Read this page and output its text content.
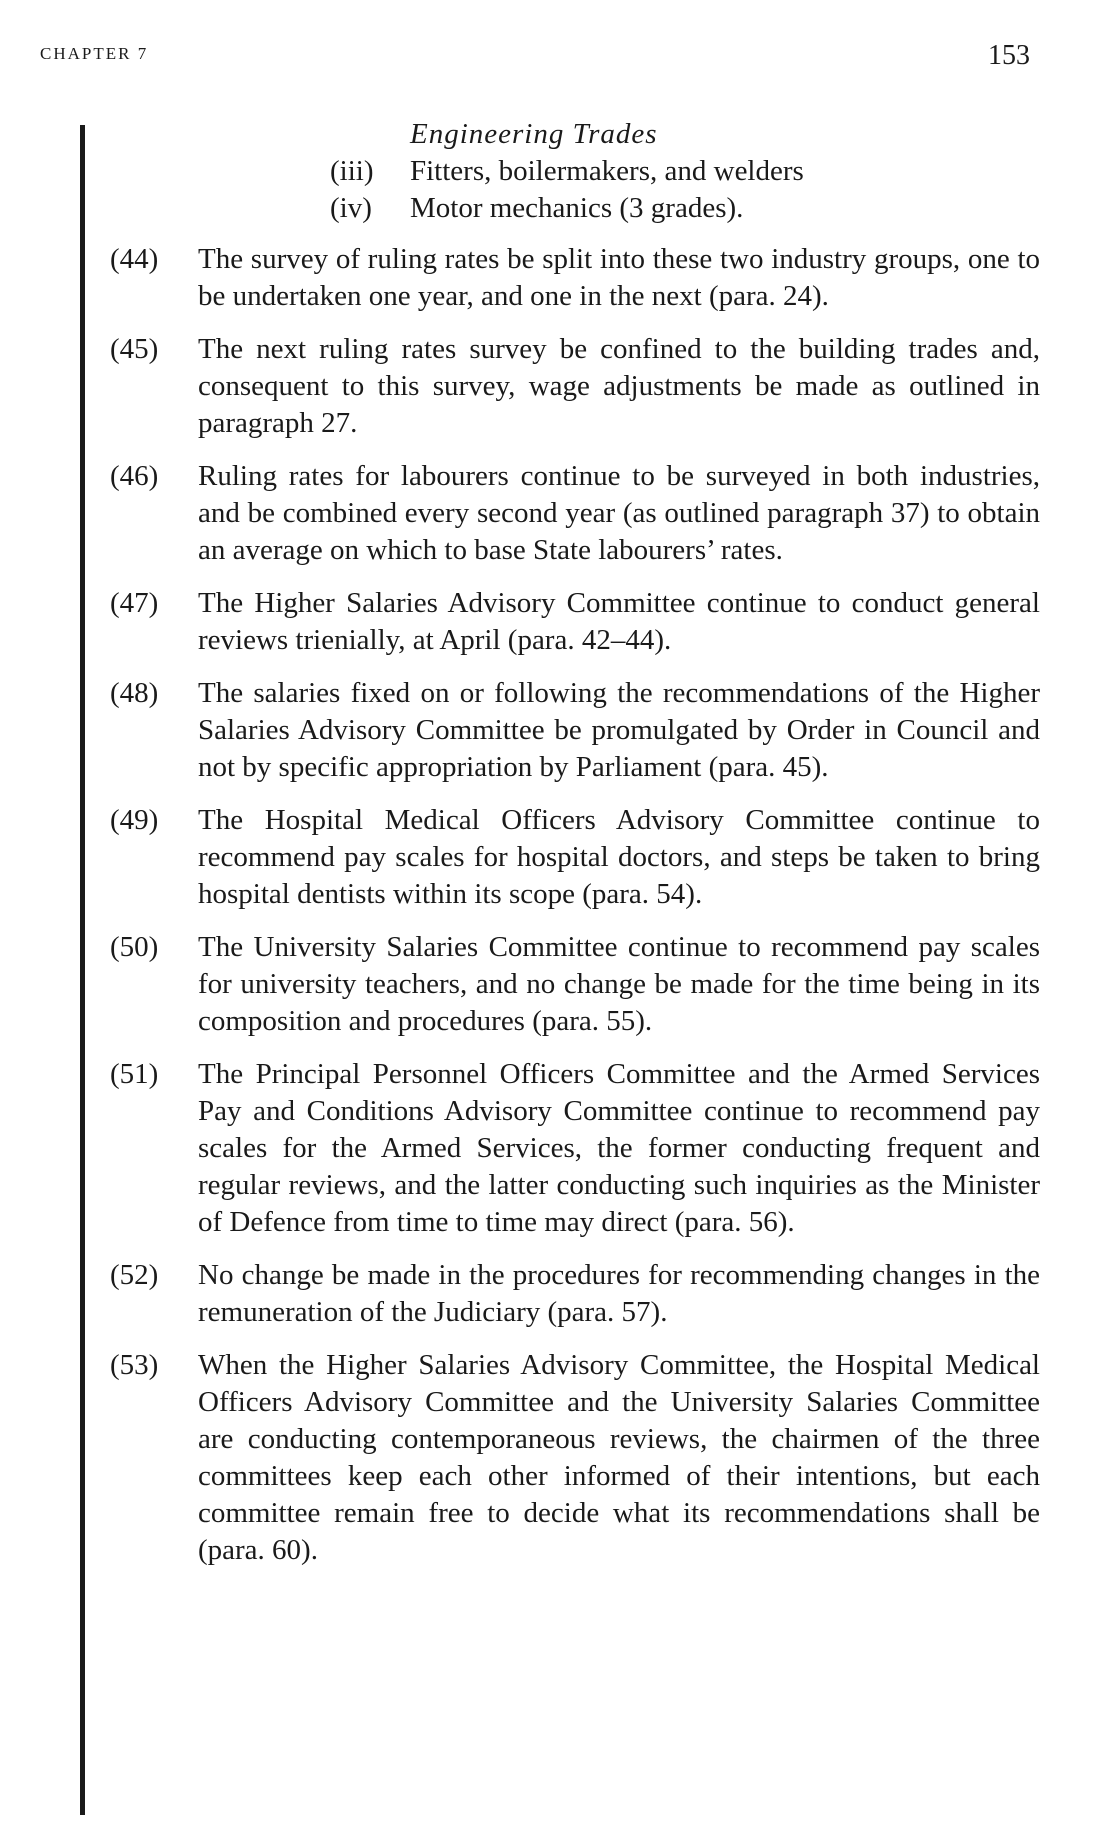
CHAPTER 7	153
Engineering Trades
(iii) Fitters, boilermakers, and welders
(iv) Motor mechanics (3 grades).
(44) The survey of ruling rates be split into these two industry groups, one to be undertaken one year, and one in the next (para. 24).
(45) The next ruling rates survey be confined to the building trades and, consequent to this survey, wage adjustments be made as outlined in paragraph 27.
(46) Ruling rates for labourers continue to be surveyed in both industries, and be combined every second year (as outlined paragraph 37) to obtain an average on which to base State labourers’ rates.
(47) The Higher Salaries Advisory Committee continue to conduct general reviews trienially, at April (para. 42–44).
(48) The salaries fixed on or following the recommendations of the Higher Salaries Advisory Committee be promulgated by Order in Council and not by specific appropriation by Parliament (para. 45).
(49) The Hospital Medical Officers Advisory Committee continue to recommend pay scales for hospital doctors, and steps be taken to bring hospital dentists within its scope (para. 54).
(50) The University Salaries Committee continue to recommend pay scales for university teachers, and no change be made for the time being in its composition and procedures (para. 55).
(51) The Principal Personnel Officers Committee and the Armed Services Pay and Conditions Advisory Committee continue to recommend pay scales for the Armed Services, the former conducting frequent and regular reviews, and the latter conducting such inquiries as the Minister of Defence from time to time may direct (para. 56).
(52) No change be made in the procedures for recommending changes in the remuneration of the Judiciary (para. 57).
(53) When the Higher Salaries Advisory Committee, the Hospital Medical Officers Advisory Committee and the University Salaries Committee are conducting contemporaneous reviews, the chairmen of the three committees keep each other informed of their intentions, but each committee remain free to decide what its recommendations shall be (para. 60).
